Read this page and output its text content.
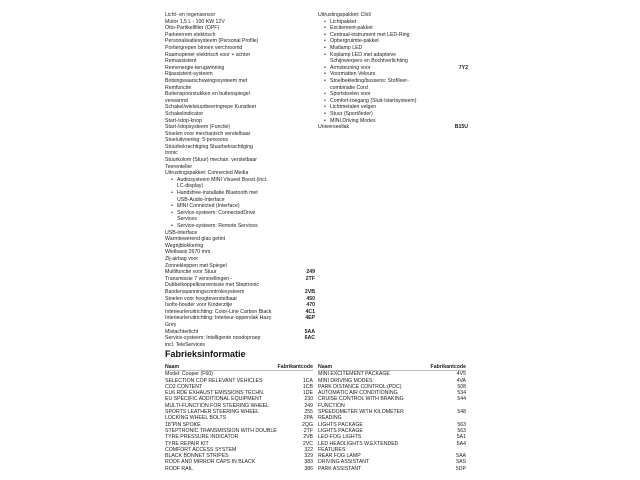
Licht- en regensensor
Motor 1,5 L - 100 KW 12V
Otto-Partikelfilter (OPF)
Parkeerrem elektrisch
Personalisatiesysteem (Personal Profile)
Portiergrepen binnen verchroomd
Raamopener elektrisch voor + achter
Remassistent
Remenergie-terugwinning
Rijassistent-systeem
Botsingwaarschuwingssysteem met
Remfunctie
Buitenspoorstukken en buitenspiegel
verwarmd
Schakel/wielstuurbeeringrepe Kunstleer
Schakelindicator
Start-/stop-knop
Start-/stopsysteem (Functie)
Stoelen voor mechanisch verstelbaar
Stoeluitvoering: 5-persoons
Stuurbekrachtiging Stuurbekrachtiging
tronic
Stuurkolom (Stuur) mechan. verstelbaar
Teerenteller
Uitrustingspakket: Connected Media
• Audiosysteem MINI Visueel Boost (incl.
LC-display)
• Handsfree-installatie Bluetooth met
USB-Audio-Interface
• MINI Connected (Interface)
• Service-systeem: ConnectedDrive
Services
• Service-systeem: Remote Services
USB-interface
Warmtewerend glas getint
Wegrijblokkering
Wielbasis 2670 mm
Zij-airbag voor
Zonnekleppen met Spiegel
Multifunctie voor Stuur	249
Transmissie 7 versnellingen -	2TF
Dubbelkoppelkransmissie met Steptronic
Bandenspanningscontrolesysteem	2VB
Stoelen voor hoogteverstelbaar	450
Isofix-houder voor Kinderzitje	470
Interieurleruitrichting: Color-Line Carbon Black	4C1
Interieurleruitrichting: Interieur-oppervlak Hazy	4EP
Grey
Mistachterlicht	5AA
Service-systeem: Intelligente noodoproep	6AC
incl. TeleServices
Uitrustingspakket: Chili
• Lichtpakket
• Excitement-pakket
• Centraal-instrument met LED-Ring
• Opbergruimte-pakket
• Mistlamp LED
• Koplamp LED met adaptieve
Schijnwerpers en Bochtverlichting
• Armsteuning voor	7Y2
• Voormatten Velours
• Stoelbekleding/bussens: Stof/leer-
combinatie Cord
• Sportstoelen voor
• Comfort-toegang (Sluit-/startsysteem)
• Lichtmetalen velgen
• Stuur (Sport/leder)
• MINI Driving Modes
Universeellak	B15U
Fabrieksinformatie
Naam	Fabrikantcode
Model: Cooper (F60)
SELECTION COP RELEVANT VEHICLES	1CA
CO2 CONTENT	1CB
EU6 RDE EXHAUST EMISSIONS TECHN.	1DE
EU SPECIFIC ADDITIONAL EQUIPMENT	230
MULTI-FUNCTION FOR STEERING WHEEL	249
SPORTS LEATHER STEERING WHEEL	255
LOCKING WHEEL BOLTS	2PA
18"PIN SPOKE	2QG
STEPTRONIC TRANSMISSION WITH DOUBLE	2TF
TYRE PRESSURE INDICATOR	2VB
TYRE REPAIR KIT	2VC
COMFORT ACCESS SYSTEM	322
BLACK BONNET STRIPES	329
ROOF AND MIRROR CAPS IN BLACK	383
ROOF RAIL	386
Naam	Fabrikantcode
MINI EXCITEMENT PACKAGE	4V5
MINI DRIVING MODES	4VA
PARK DISTANCE CONTROL (PDC)	508
AUTOMATIC AIR CONDITIONING	534
CRUISE CONTROL WITH BRAKING	544
FUNCTION
SPEEDOMETER WITH KILOMETER	548
READING
LIGHTS PACKAGE	563
LIGHTS PACKAGE	563
LED-FOG LIGHTS	5A1
LED HEADLIGHTS W.EXTENDED	5A4
FEATURES
REAR FOG LAMP	5AA
DRIVING ASSISTANT	5AS
PARK ASSISTANT	5DP
